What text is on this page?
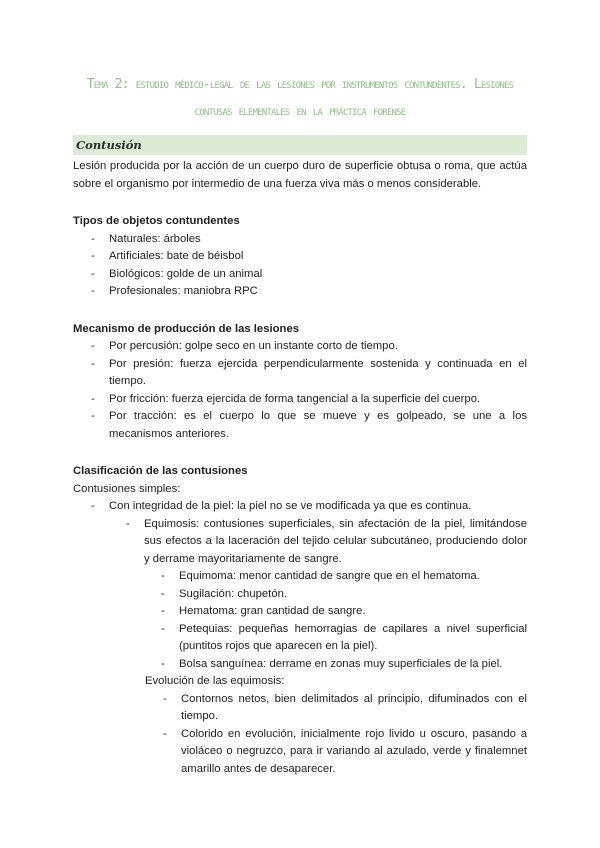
Tema 2: estudio médico-legal de las lesiones por instrumentos contundentes. Lesiones contusas elementales en la práctica forense
Contusión

Lesión producida por la acción de un cuerpo duro de superficie obtusa o roma, que actúa sobre el organismo por intermedio de una fuerza viva más o menos considerable.

Tipos de objetos contundentes
- Naturales: árboles
- Artificiales: bate de béisbol
- Biológicos: golde de un animal
- Profesionales: maniobra RPC
Mecanismo de producción de las lesiones
- Por percusión: golpe seco en un instante corto de tiempo.
- Por presión: fuerza ejercida perpendicularmente sostenida y continuada en el tiempo.
- Por fricción: fuerza ejercida de forma tangencial a la superficie del cuerpo.
- Por tracción: es el cuerpo lo que se mueve y es golpeado, se une a los mecanismos anteriores.
Clasificación de las contusiones
Contusiones simples:
- Con integridad de la piel: la piel no se ve modificada ya que es continua.
- Equimosis: contusiones superficiales, sin afectación de la piel, limitándose sus efectos a la laceración del tejido celular subcutáneo, produciendo dolor y derrame mayoritariamente de sangre.
- Equimoma: menor cantidad de sangre que en el hematoma.
- Sugilación: chupetón.
- Hematoma: gran cantidad de sangre.
- Petequias: pequeñas hemorragias de capilares a nivel superficial (puntitos rojos que aparecen en la piel).
- Bolsa sanguínea: derrame en zonas muy superficiales de la piel.
Evolución de las equimosis:
- Contornos netos, bien delimitados al principio, difuminados con el tiempo.
- Colorido en evolución, inicialmente rojo livido u oscuro, pasando a violáceo o negruzco, para ir variando al azulado, verde y finalemnet amarillo antes de desaparecer.
